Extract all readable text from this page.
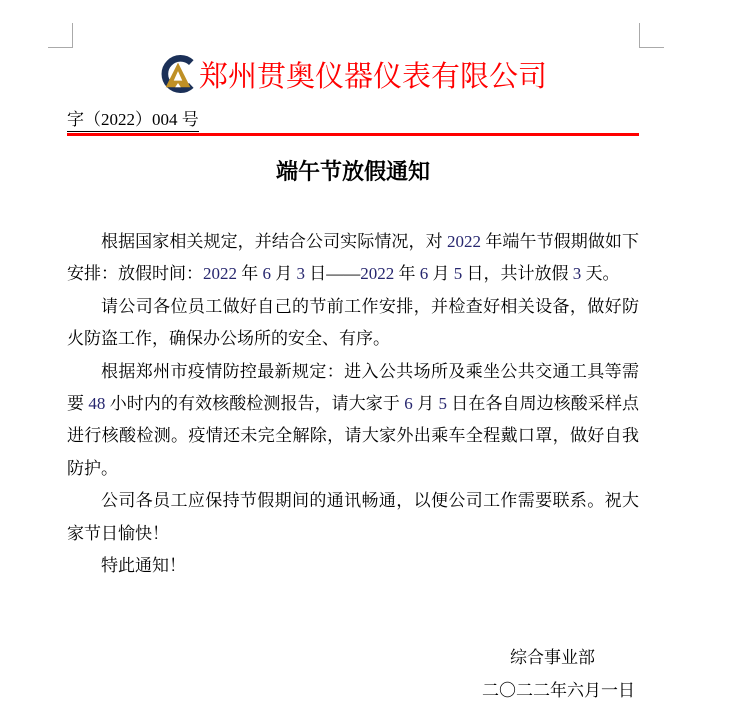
郑州贯奥仪器仪表有限公司
字（2022）004 号
端午节放假通知

根据国家相关规定，并结合公司实际情况，对 2022 年端午节假期做如下安排：放假时间：2022 年 6 月 3 日——2022 年 6 月 5 日，共计放假 3 天。

请公司各位员工做好自己的节前工作安排，并检查好相关设备，做好防火防盗工作，确保办公场所的安全、有序。

根据郑州市疫情防控最新规定：进入公共场所及乘坐公共交通工具等需要 48 小时内的有效核酸检测报告，请大家于 6 月 5 日在各自周边核酸采样点进行核酸检测。疫情还未完全解除，请大家外出乘车全程戴口罩，做好自我防护。

公司各员工应保持节假期间的通讯畅通，以便公司工作需要联系。祝大家节日愉快！

特此通知！

综合事业部
二〇二二年六月一日
